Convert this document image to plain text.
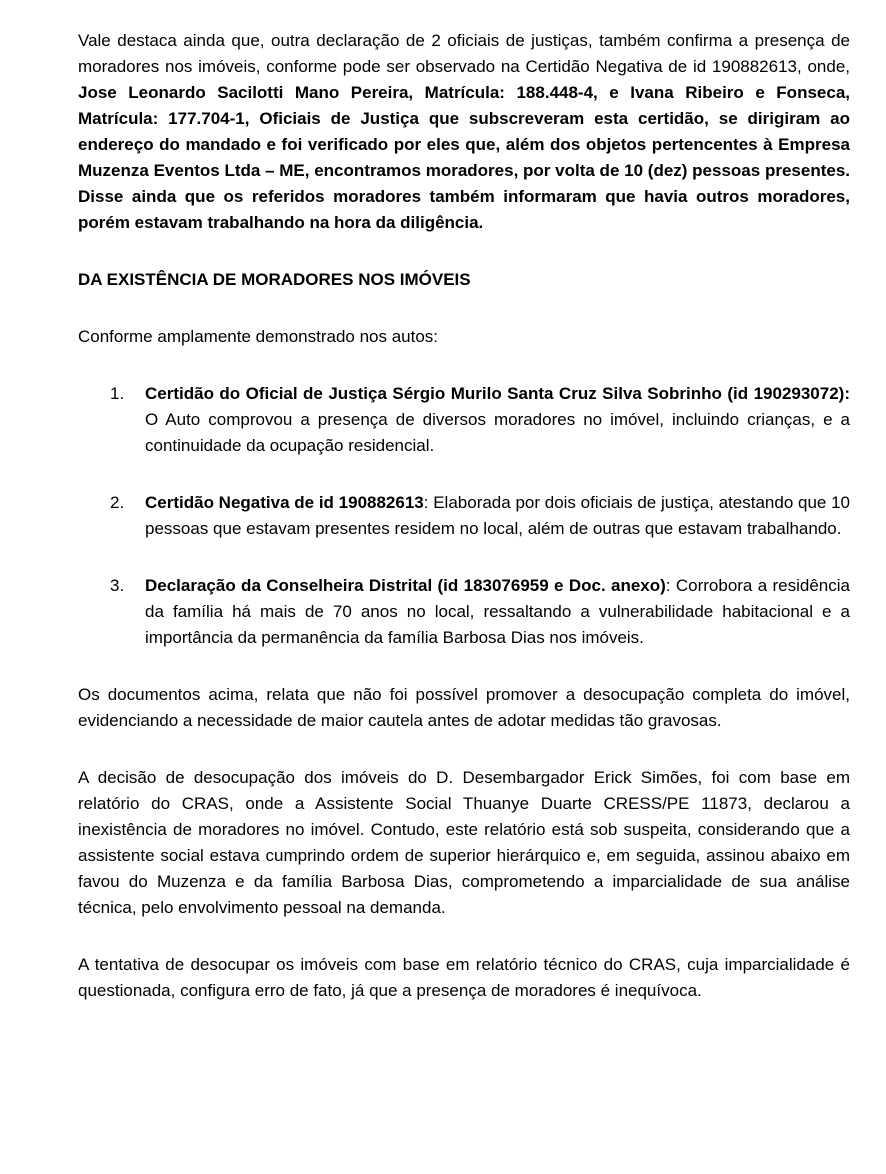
Vale destaca ainda que, outra declaração de 2 oficiais de justiças, também confirma a presença de moradores nos imóveis, conforme pode ser observado na Certidão Negativa de id 190882613, onde, Jose Leonardo Sacilotti Mano Pereira, Matrícula: 188.448-4, e Ivana Ribeiro e Fonseca, Matrícula: 177.704-1, Oficiais de Justiça que subscreveram esta certidão, se dirigiram ao endereço do mandado e foi verificado por eles que, além dos objetos pertencentes à Empresa Muzenza Eventos Ltda – ME, encontramos moradores, por volta de 10 (dez) pessoas presentes. Disse ainda que os referidos moradores também informaram que havia outros moradores, porém estavam trabalhando na hora da diligência.

DA EXISTÊNCIA DE MORADORES NOS IMÓVEIS

Conforme amplamente demonstrado nos autos:

1. Certidão do Oficial de Justiça Sérgio Murilo Santa Cruz Silva Sobrinho (id 190293072): O Auto comprovou a presença de diversos moradores no imóvel, incluindo crianças, e a continuidade da ocupação residencial.
2. Certidão Negativa de id 190882613: Elaborada por dois oficiais de justiça, atestando que 10 pessoas que estavam presentes residem no local, além de outras que estavam trabalhando.
3. Declaração da Conselheira Distrital (id 183076959 e Doc. anexo): Corrobora a residência da família há mais de 70 anos no local, ressaltando a vulnerabilidade habitacional e a importância da permanência da família Barbosa Dias nos imóveis.

Os documentos acima, relata que não foi possível promover a desocupação completa do imóvel, evidenciando a necessidade de maior cautela antes de adotar medidas tão gravosas.

A decisão de desocupação dos imóveis do D. Desembargador Erick Simões, foi com base em relatório do CRAS, onde a Assistente Social Thuanye Duarte CRESS/PE 11873, declarou a inexistência de moradores no imóvel. Contudo, este relatório está sob suspeita, considerando que a assistente social estava cumprindo ordem de superior hierárquico e, em seguida, assinou abaixo em favou do Muzenza e da família Barbosa Dias, comprometendo a imparcialidade de sua análise técnica, pelo envolvimento pessoal na demanda.

A tentativa de desocupar os imóveis com base em relatório técnico do CRAS, cuja imparcialidade é questionada, configura erro de fato, já que a presença de moradores é inequívoca.
